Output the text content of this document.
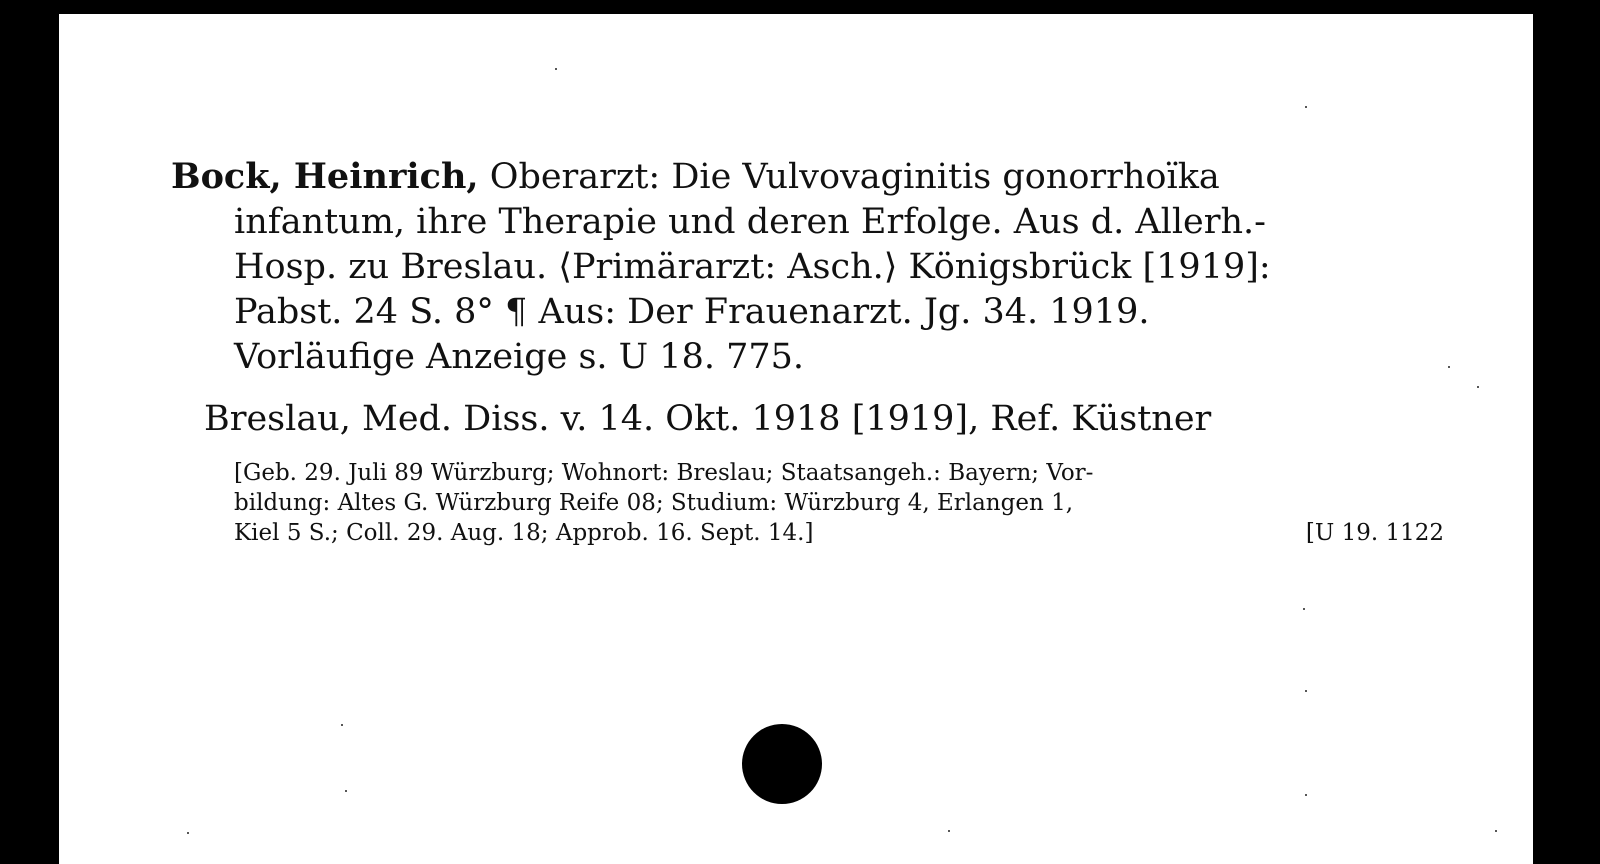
Bock, Heinrich, Oberarzt: Die Vulvovaginitis gonorrhoïka
infantum, ihre Therapie und deren Erfolge. Aus d. Allerh.-
Hosp. zu Breslau. ⟨Primärarzt: Asch.⟩ Königsbrück [1919]:
Pabst. 24 S. 8° ¶ Aus: Der Frauenarzt. Jg. 34. 1919.
Vorläufige Anzeige s. U 18. 775.
Breslau, Med. Diss. v. 14. Okt. 1918 [1919], Ref. Küstner
[Geb. 29. Juli 89 Würzburg; Wohnort: Breslau; Staatsangeh.: Bayern; Vor-
bildung: Altes G. Würzburg Reife 08; Studium: Würzburg 4, Erlangen 1,
Kiel 5 S.; Coll. 29. Aug. 18; Approb. 16. Sept. 14.]	[U 19. 1122
